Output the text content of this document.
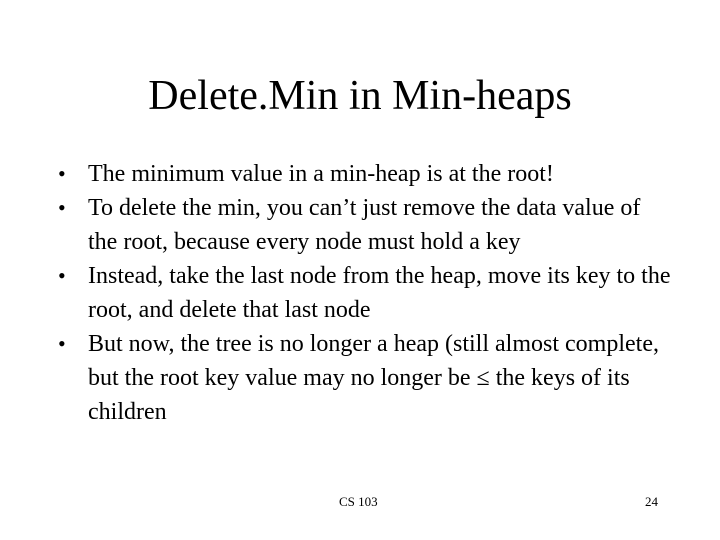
Delete.Min in Min-heaps
• The minimum value in a min-heap is at the root!
• To delete the min, you can’t just remove the data value of the root, because every node must hold a key
• Instead, take the last node from the heap, move its key to the root, and delete that last node
• But now, the tree is no longer a heap (still almost complete, but the root key value may no longer be ≤ the keys of its children
CS 103	24
